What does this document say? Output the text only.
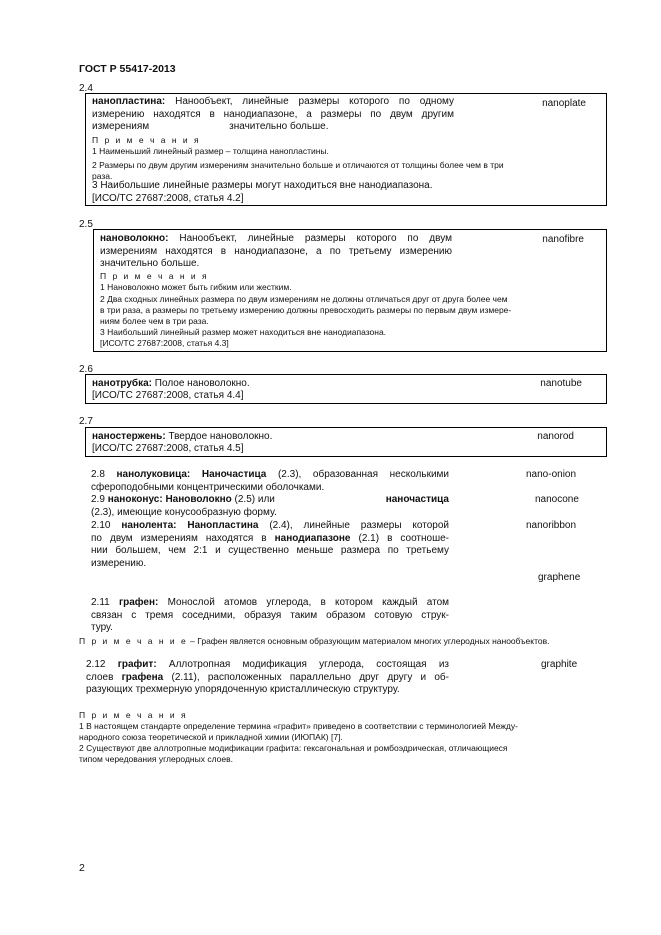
ГОСТ Р 55417-2013
2.4
нанопластина: Нанообъект, линейные размеры которого по одному
измерению находятся в нанодиапазоне, а размеры по двум другим
измерениям	значительно больше.
nanoplate
П р и м е ч а н и я
1 Наименьший линейный размер – толщина нанопластины.
2 Размеры по двум другим измерениям значительно больше и отличаются от толщины более чем в три
раза.
3 Наибольшие линейные размеры могут находиться вне нанодиапазона.
[ИСО/ТС 27687:2008, статья 4.2]
2.5
нановолокно: Нанообъект, линейные размеры которого по двум
измерениям находятся в нанодиапазоне, а по третьему измерению
значительно больше.
nanofibre
П р и м е ч а н и я
1 Нановолокно может быть гибким или жестким.
2 Два сходных линейных размера по двум измерениям не должны отличаться друг от друга более чем
в три раза, а размеры по третьему измерению должны превосходить размеры по первым двум измере-
ниям более чем в три раза.
3 Наибольший линейный размер может находиться вне нанодиапазона.
[ИСО/ТС 27687:2008, статья 4.3]
2.6
нанотрубка: Полое нановолокно.
[ИСО/ТС 27687:2008, статья 4.4]
nanotube
2.7
наностержень: Твердое нановолокно.
[ИСО/ТС 27687:2008, статья 4.5]
nanorod
2.8 нанолуковица: Наночастица (2.3), образованная несколькими
сфероподобными концентрическими оболочками.
nano-onion
2.9 наноконус: Нановолокно (2.5) или	наночастица
(2.3), имеющие конусообразную форму.
nanocone
2.10 нанолента: Нанопластина (2.4), линейные размеры которой
по двум измерениям находятся в нанодиапазоне (2.1) в соотноше-
нии большем, чем 2:1 и существенно меньше размера по третьему
измерению.
nanoribbon
graphene
2.11 графен: Монослой атомов углерода, в котором каждый атом
связан с тремя соседними, образуя таким образом сотовую струк-
туру.
П р и м е ч а н и е – Графен является основным образующим материалом многих углеродных нанообъектов.
2.12 графит: Аллотропная модификация углерода, состоящая из
слоев графена (2.11), расположенных параллельно друг другу и об-
разующих трехмерную упорядоченную кристаллическую структуру.
graphite
П р и м е ч а н и я
1 В настоящем стандарте определение термина «графит» приведено в соответствии с терминологией Между-
народного союза теоретической и прикладной химии (ИЮПАК) [7].
2 Существуют две аллотропные модификации графита: гексагональная и ромбоэдрическая, отличающиеся
типом чередования углеродных слоев.
2
